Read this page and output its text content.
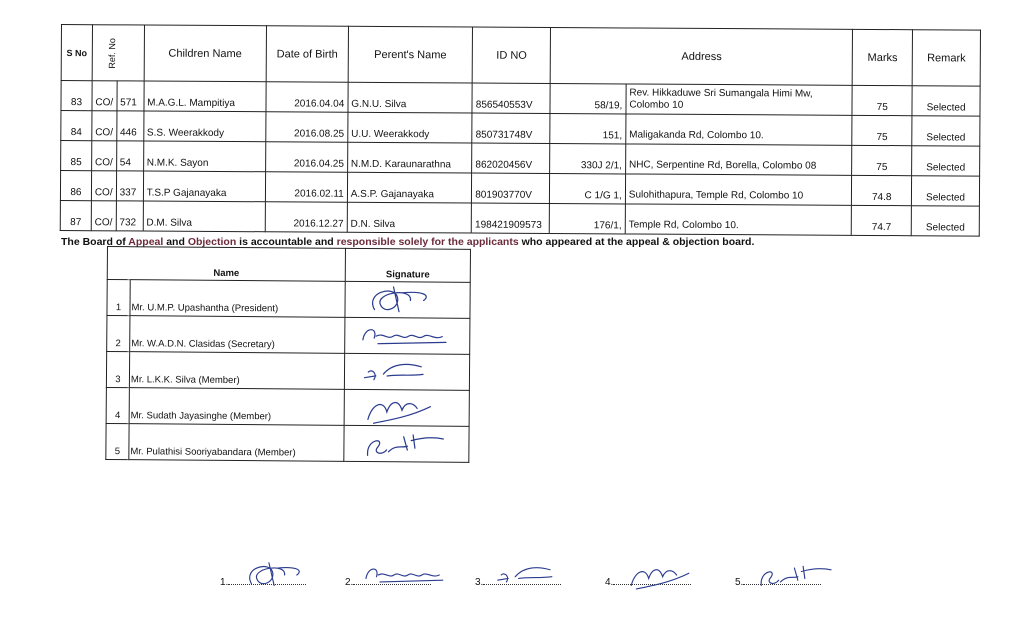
S No	Ref. No		Children Name	Date of Birth	Perent's Name	ID NO	Address		Marks	Remark
83	CO/	571	M.A.G.L. Mampitiya	2016.04.04	G.N.U. Silva	856540553V	58/19,	Rev. Hikkaduwe Sri Sumangala Himi Mw, Colombo 10	75	Selected
84	CO/	446	S.S. Weerakkody	2016.08.25	U.U. Weerakkody	850731748V	151,	Maligakanda Rd, Colombo 10.	75	Selected
85	CO/	54	N.M.K. Sayon	2016.04.25	N.M.D. Karaunarathna	862020456V	330J 2/1,	NHC, Serpentine Rd, Borella, Colombo 08	75	Selected
86	CO/	337	T.S.P Gajanayaka	2016.02.11	A.S.P. Gajanayaka	801903770V	C 1/G 1,	Sulohithapura, Temple Rd, Colombo 10	74.8	Selected
87	CO/	732	D.M. Silva	2016.12.27	D.N. Silva	198421909573	176/1,	Temple Rd, Colombo 10.	74.7	Selected
The Board of Appeal and Objection is accountable and responsible solely for the applicants who appeared at the appeal & objection board.
Name		Signature
1	Mr. U.M.P. Upashantha (President)	

2	Mr. W.A.D.N. Clasidas (Secretary)	

3	Mr. L.K.K. Silva (Member)	

4	Mr. Sudath Jayasinghe (Member)	

5	Mr. Pulathisi Sooriyabandara (Member)	
1.	2.	3.	4.	5.
